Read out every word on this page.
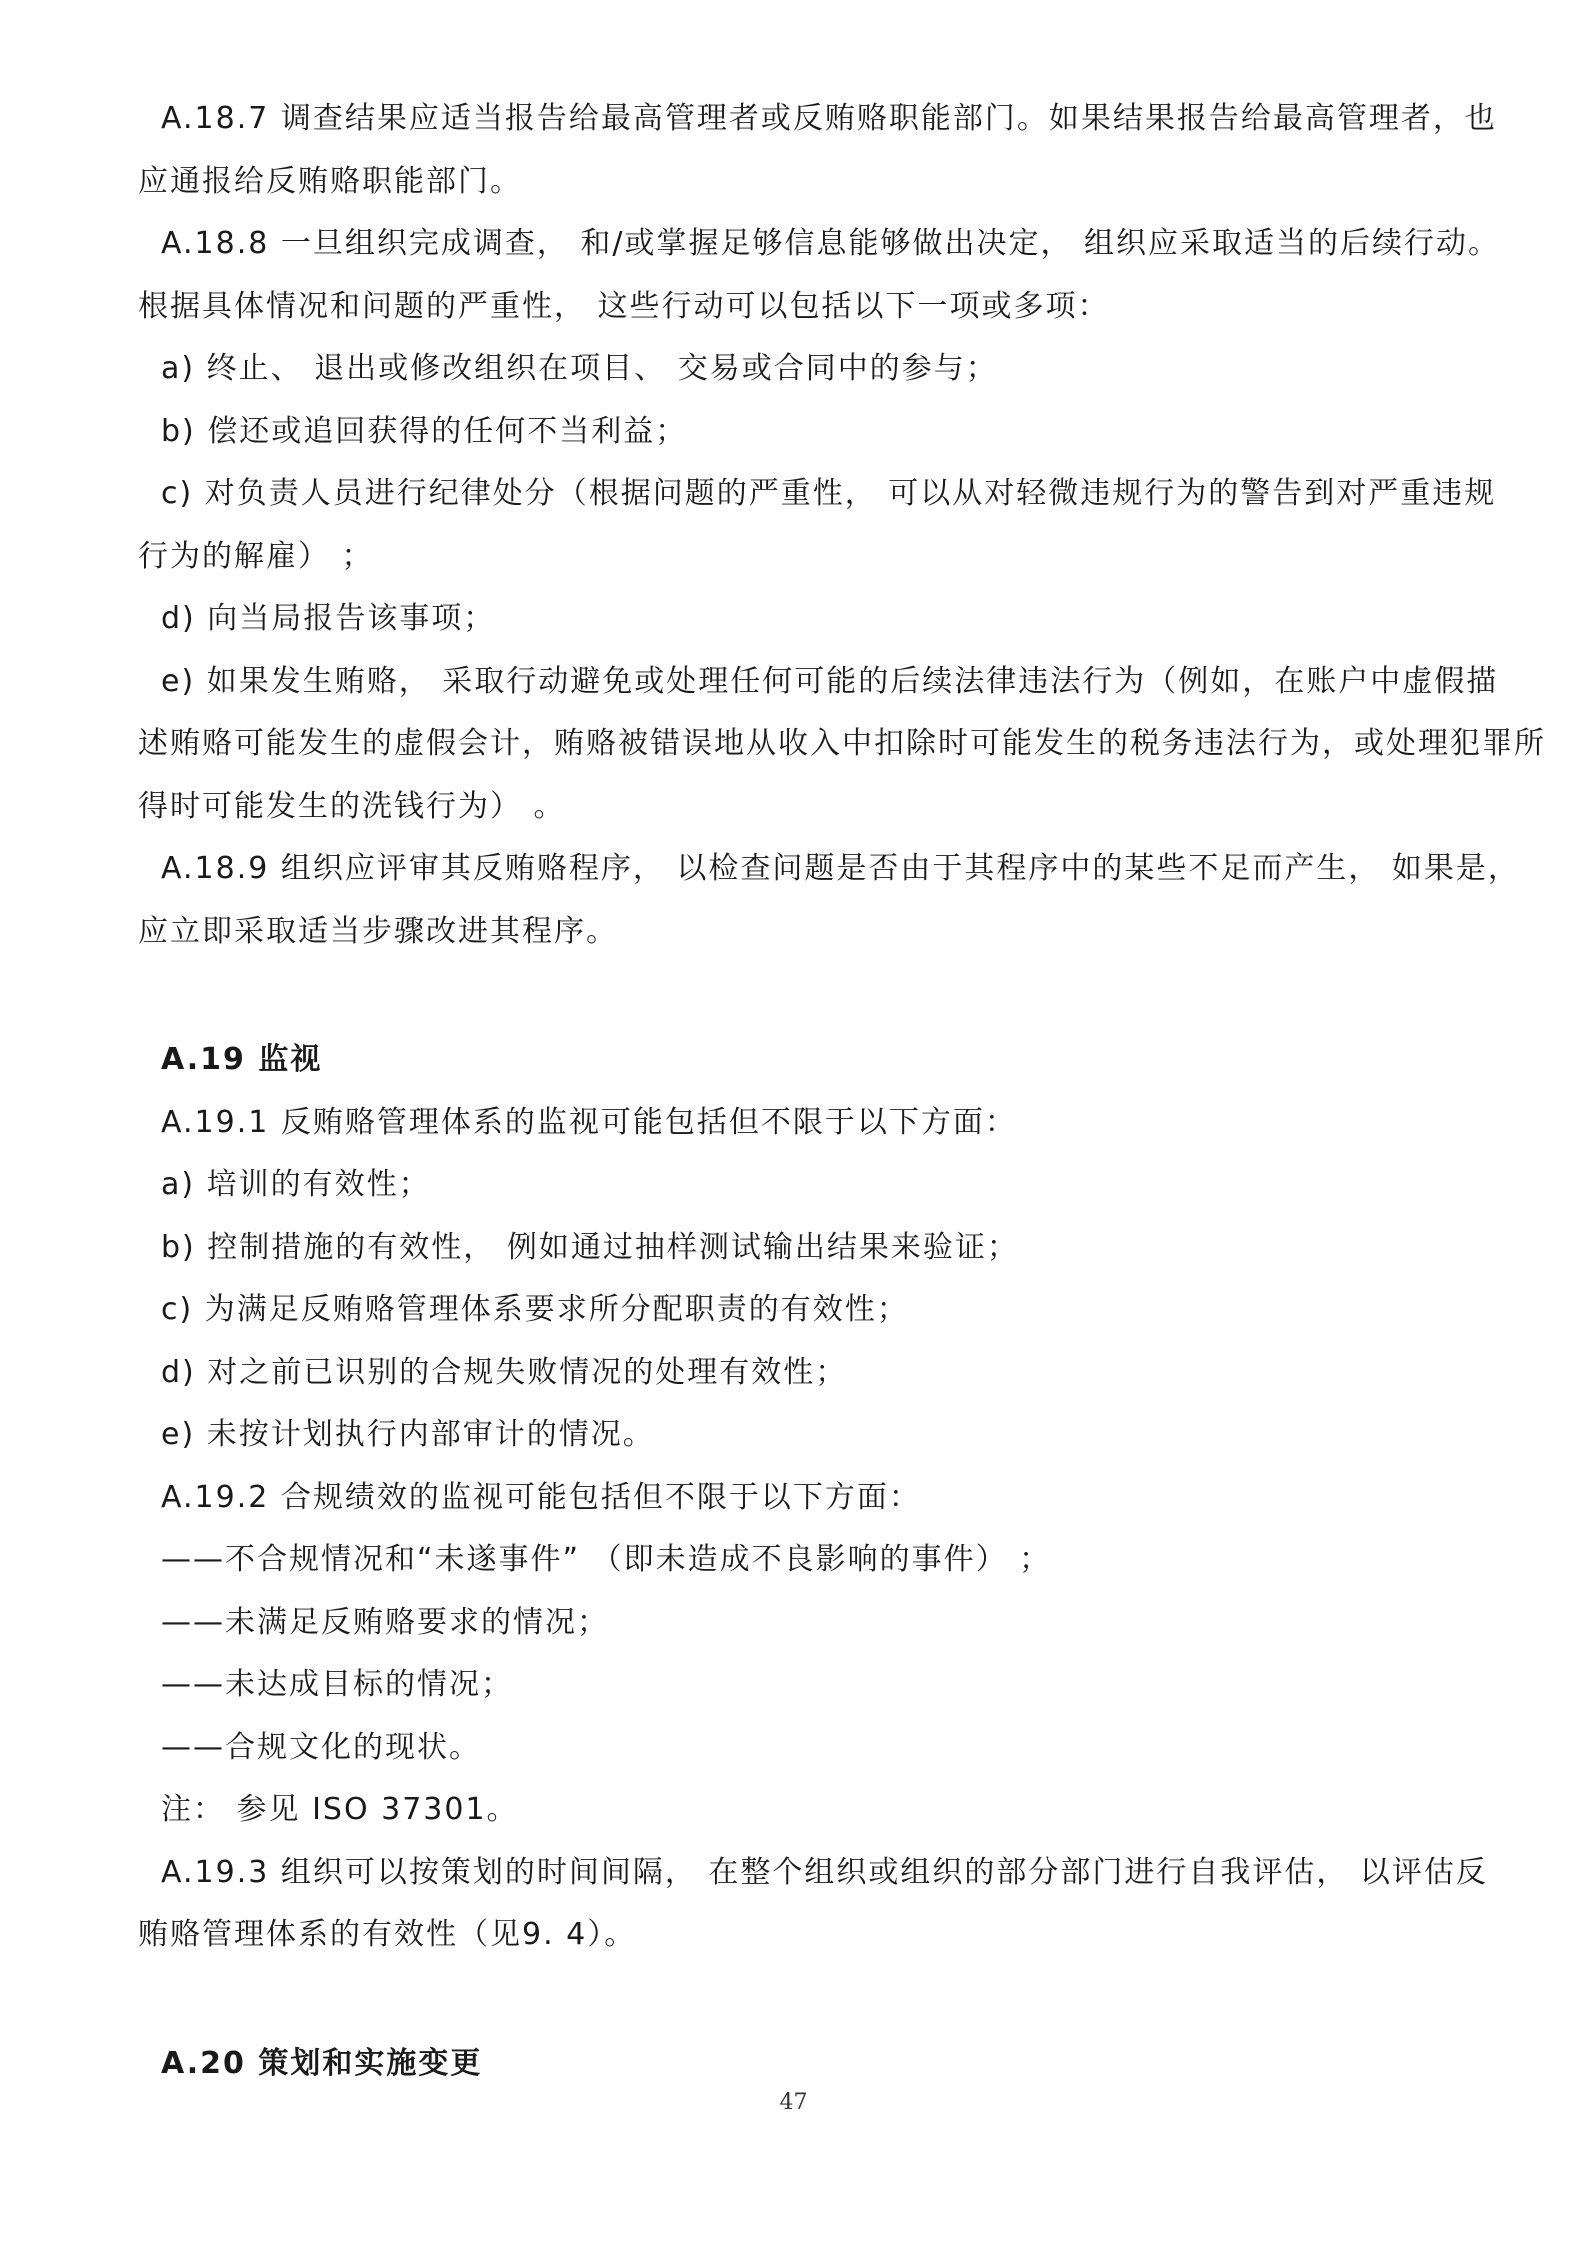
A.18.7 调查结果应适当报告给最高管理者或反贿赂职能部门。如果结果报告给最高管理者，也
应通报给反贿赂职能部门。
A.18.8 一旦组织完成调查， 和/或掌握足够信息能够做出决定， 组织应采取适当的后续行动。
根据具体情况和问题的严重性， 这些行动可以包括以下一项或多项：
a) 终止、 退出或修改组织在项目、 交易或合同中的参与；
b) 偿还或追回获得的任何不当利益；
c) 对负责人员进行纪律处分（根据问题的严重性， 可以从对轻微违规行为的警告到对严重违规
行为的解雇） ；
d) 向当局报告该事项；
e) 如果发生贿赂， 采取行动避免或处理任何可能的后续法律违法行为（例如，在账户中虚假描
述贿赂可能发生的虚假会计，贿赂被错误地从收入中扣除时可能发生的税务违法行为，或处理犯罪所
得时可能发生的洗钱行为） 。
A.18.9 组织应评审其反贿赂程序， 以检查问题是否由于其程序中的某些不足而产生， 如果是，
应立即采取适当步骤改进其程序。
A.19 监视
A.19.1 反贿赂管理体系的监视可能包括但不限于以下方面：
a) 培训的有效性；
b) 控制措施的有效性， 例如通过抽样测试输出结果来验证；
c) 为满足反贿赂管理体系要求所分配职责的有效性；
d) 对之前已识别的合规失败情况的处理有效性；
e) 未按计划执行内部审计的情况。
A.19.2 合规绩效的监视可能包括但不限于以下方面：
——不合规情况和“未遂事件” （即未造成不良影响的事件） ；
——未满足反贿赂要求的情况；
——未达成目标的情况；
——合规文化的现状。
注： 参见 ISO 37301。
A.19.3 组织可以按策划的时间间隔， 在整个组织或组织的部分部门进行自我评估， 以评估反
贿赂管理体系的有效性（见9. 4）。
A.20 策划和实施变更
47
